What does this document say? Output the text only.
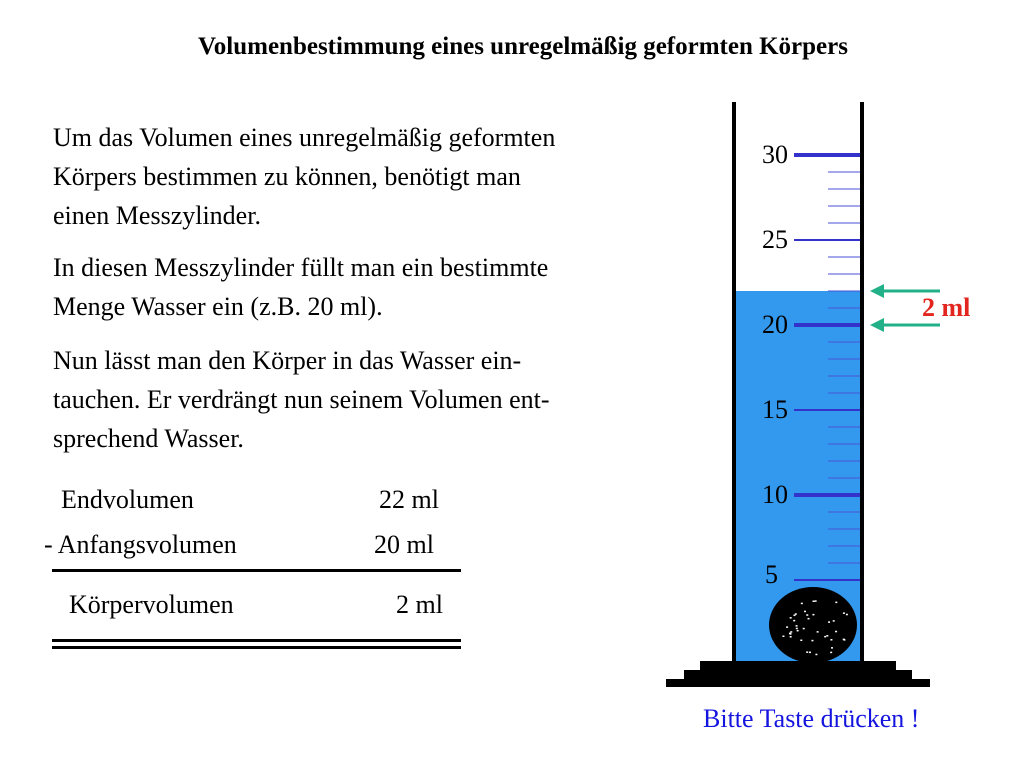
Volumenbestimmung eines unregelmäßig geformten Körpers
Um das Volumen eines unregelmäßig geformten
Körpers bestimmen zu können, benötigt man
einen Messzylinder.
In diesen Messzylinder füllt man ein bestimmte
Menge Wasser ein (z.B. 20 ml).
Nun lässt man den Körper in das Wasser ein-
tauchen. Er verdrängt nun seinem Volumen ent-
sprechend Wasser.
Endvolumen	22 ml
- Anfangsvolumen	20 ml
Körpervolumen	2 ml
30
25
20
15
10
5
2 ml
Bitte Taste drücken !
